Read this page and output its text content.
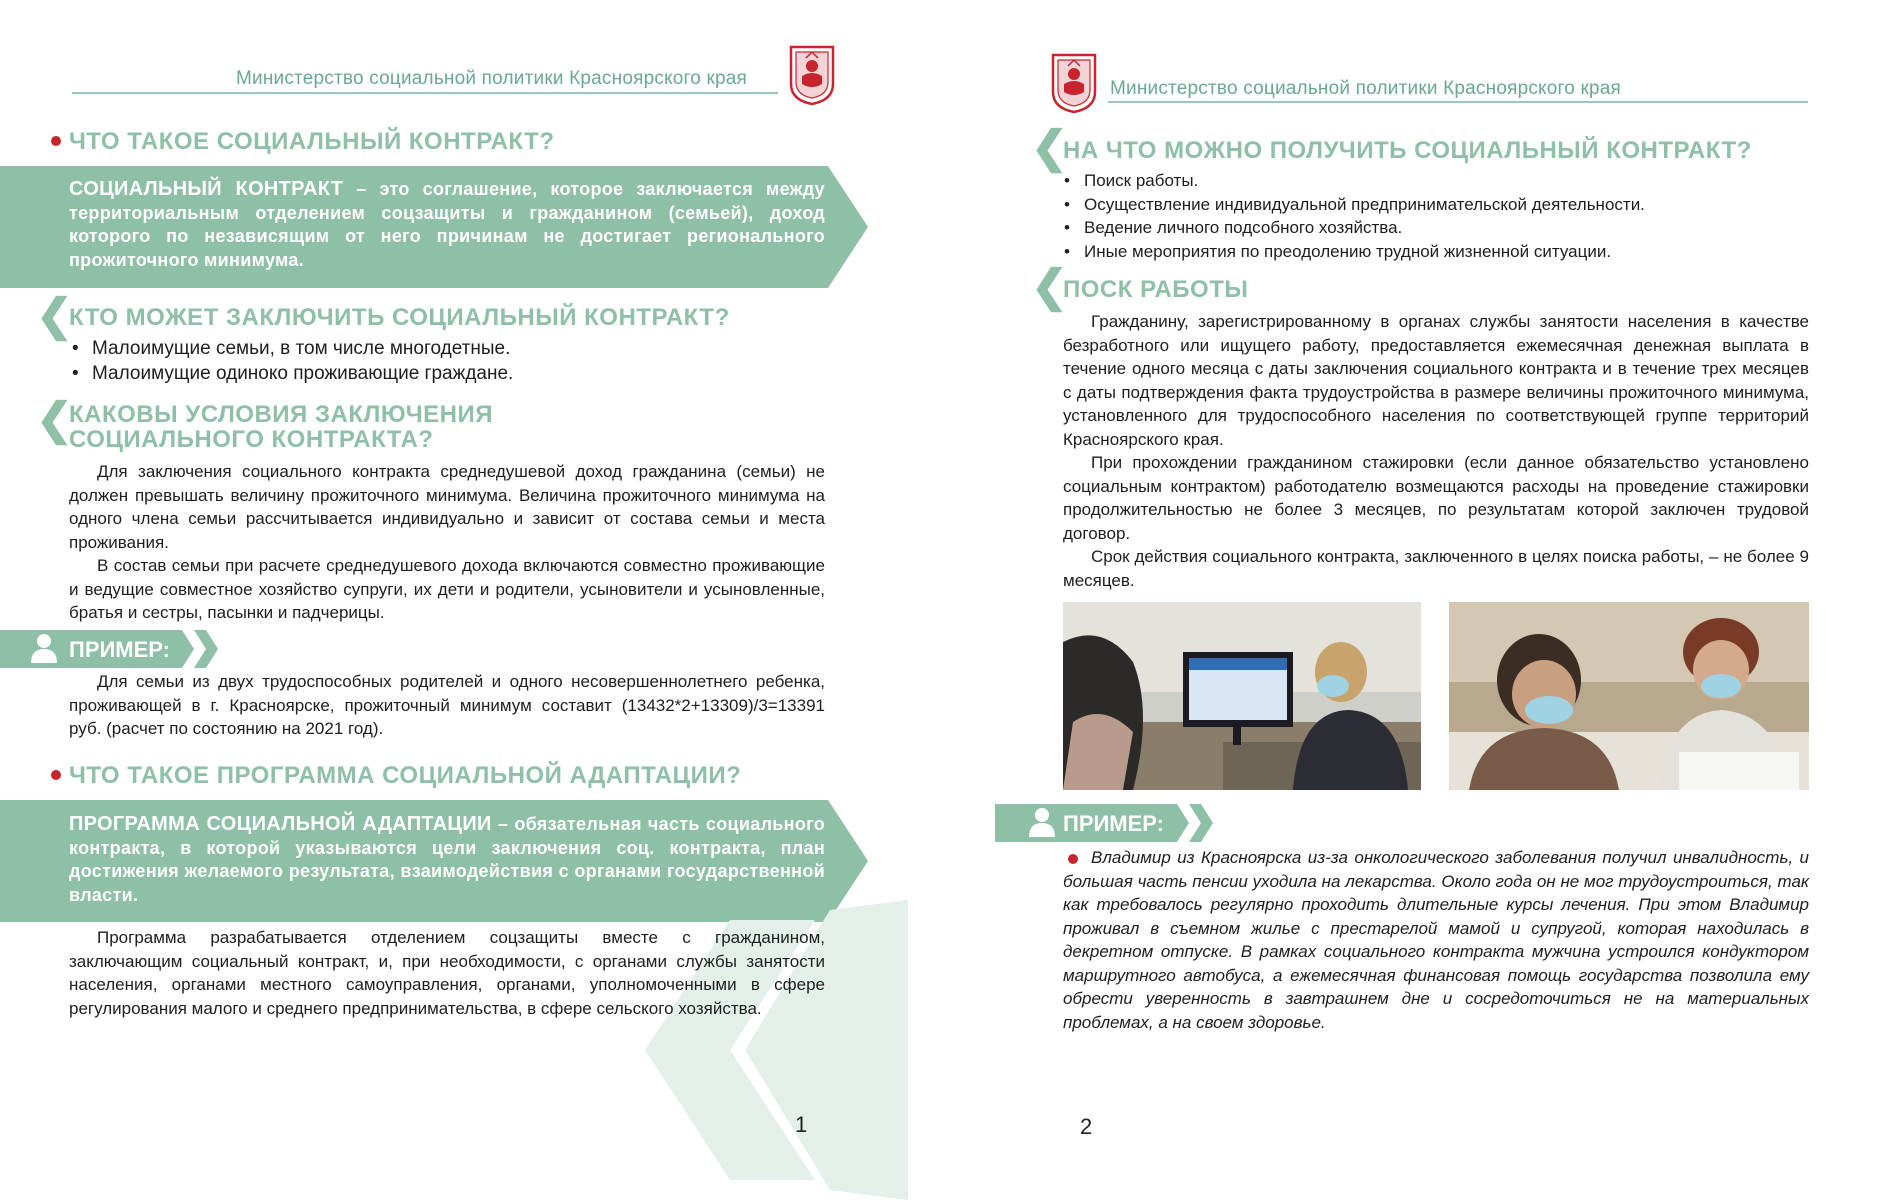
Министерство социальной политики Красноярского края
ЧТО ТАКОЕ СОЦИАЛЬНЫЙ КОНТРАКТ?
СОЦИАЛЬНЫЙ КОНТРАКТ – это соглашение, которое заключается между территориальным отделением соцзащиты и гражданином (семьей), доход которого по независящим от него причинам не достигает регионального прожиточного минимума.
❮
КТО МОЖЕТ ЗАКЛЮЧИТЬ СОЦИАЛЬНЫЙ КОНТРАКТ?
• Малоимущие семьи, в том числе многодетные.
• Малоимущие одиноко проживающие граждане.
❮
КАКОВЫ УСЛОВИЯ ЗАКЛЮЧЕНИЯ
СОЦИАЛЬНОГО КОНТРАКТА?

Для заключения социального контракта среднедушевой доход гражданина (семьи) не должен превышать величину прожиточного минимума. Величина прожиточного минимума на одного члена семьи рассчитывается индивидуально и зависит от состава семьи и места проживания.

В состав семьи при расчете среднедушевого дохода включаются совместно проживающие и ведущие совместное хозяйство супруги, их дети и родители, усыновители и усыновленные, братья и сестры, пасынки и падчерицы.

ПРИМЕР:

Для семьи из двух трудоспособных родителей и одного несовершеннолетнего ребенка, проживающей в г. Красноярске, прожиточный минимум составит (13432*2+13309)/3=13391 руб. (расчет по состоянию на 2021 год).

ЧТО ТАКОЕ ПРОГРАММА СОЦИАЛЬНОЙ АДАПТАЦИИ?
ПРОГРАММА СОЦИАЛЬНОЙ АДАПТАЦИИ – обязательная часть социального контракта, в которой указываются цели заключения соц. контракта, план достижения желаемого результата, взаимодействия с органами государственной власти.

Программа разрабатывается отделением соцзащиты вместе с гражданином, заключающим социальный контракт, и, при необходимости, с органами службы занятости населения, органами местного самоуправления, органами, уполномоченными в сфере регулирования малого и среднего предпринимательства, в сфере сельского хозяйства.

1
Министерство социальной политики Красноярского края
❮
НА ЧТО МОЖНО ПОЛУЧИТЬ СОЦИАЛЬНЫЙ КОНТРАКТ?
• Поиск работы.
• Осуществление индивидуальной предпринимательской деятельности.
• Ведение личного подсобного хозяйства.
• Иные мероприятия по преодолению трудной жизненной ситуации.
❮
ПОСК РАБОТЫ

Гражданину, зарегистрированному в органах службы занятости населения в качестве безработного или ищущего работу, предоставляется ежемесячная денежная выплата в течение одного месяца с даты заключения социального контракта и в течение трех месяцев с даты подтверждения факта трудоустройства в размере величины прожиточного минимума, установленного для трудоспособного населения по соответствующей группе территорий Красноярского края.

При прохождении гражданином стажировки (если данное обязательство установлено социальным контрактом) работодателю возмещаются расходы на проведение стажировки продолжительностью не более 3 месяцев, по результатам которой заключен трудовой договор.

Срок действия социального контракта, заключенного в целях поиска работы, – не более 9 месяцев.

ПРИМЕР:

Владимир из Красноярска из-за онкологического заболевания получил инвалидность, и большая часть пенсии уходила на лекарства. Около года он не мог трудоустроиться, так как требовалось регулярно проходить длительные курсы лечения. При этом Владимир проживал в съемном жилье с престарелой мамой и супругой, которая находилась в декретном отпуске. В рамках социального контракта мужчина устроился кондуктором маршрутного автобуса, а ежемесячная финансовая помощь государства позволила ему обрести уверенность в завтрашнем дне и сосредоточиться не на материальных проблемах, а на своем здоровье.

2
